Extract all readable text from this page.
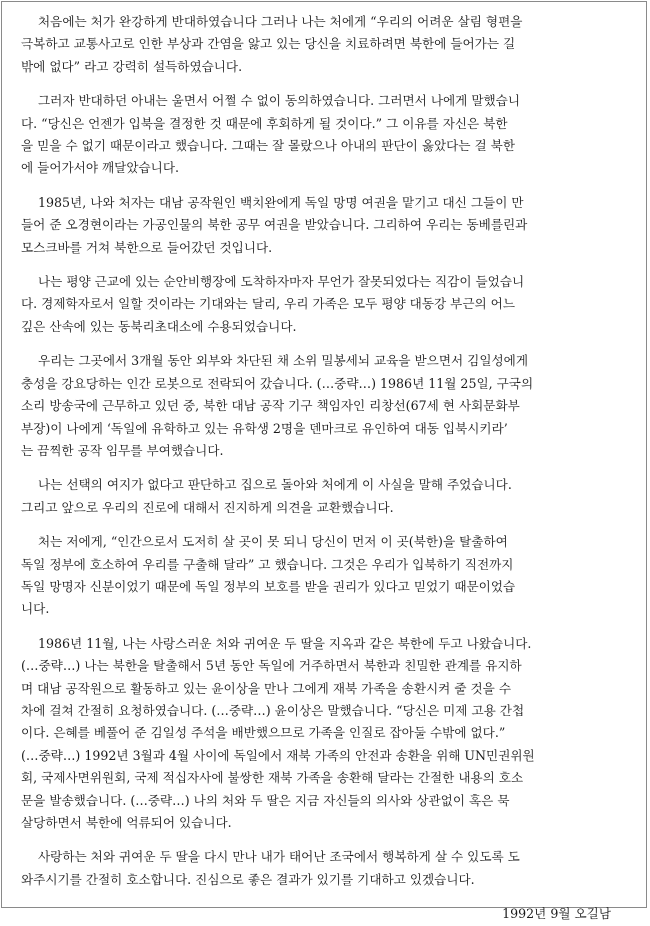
처음에는 처가 완강하게 반대하였습니다 그러나 나는 처에게 “우리의 어려운 살림 형편을
극복하고 교통사고로 인한 부상과 간염을 앓고 있는 당신을 치료하려면 북한에 들어가는 길
밖에 없다” 라고 강력히 설득하였습니다.
그러자 반대하던 아내는 울면서 어쩔 수 없이 동의하였습니다. 그러면서 나에게 말했습니
다. “당신은 언젠가 입북을 결정한 것 때문에 후회하게 될 것이다.” 그 이유를 자신은 북한
을 믿을 수 없기 때문이라고 했습니다. 그때는 잘 몰랐으나 아내의 판단이 옳았다는 걸 북한
에 들어가서야 깨달았습니다.
1985년, 나와 처자는 대남 공작원인 백치완에게 독일 망명 여권을 맡기고 대신 그들이 만
들어 준 오경현이라는 가공인물의 북한 공무 여권을 받았습니다. 그리하여 우리는 동베를린과
모스크바를 거쳐 북한으로 들어갔던 것입니다.
나는 평양 근교에 있는 순안비행장에 도착하자마자 무언가 잘못되었다는 직감이 들었습니
다. 경제학자로서 일할 것이라는 기대와는 달리, 우리 가족은 모두 평양 대동강 부근의 어느
깊은 산속에 있는 동북리초대소에 수용되었습니다.
우리는 그곳에서 3개월 동안 외부와 차단된 채 소위 밀봉세뇌 교육을 받으면서 김일성에게
충성을 강요당하는 인간 로봇으로 전락되어 갔습니다. (…중략…) 1986년 11월 25일, 구국의
소리 방송국에 근무하고 있던 중, 북한 대남 공작 기구 책임자인 리창선(67세 현 사회문화부
부장)이 나에게 ‘독일에 유학하고 있는 유학생 2명을 덴마크로 유인하여 대동 입북시키라’
는 끔찍한 공작 임무를 부여했습니다.
나는 선택의 여지가 없다고 판단하고 집으로 돌아와 처에게 이 사실을 말해 주었습니다.
그리고 앞으로 우리의 진로에 대해서 진지하게 의견을 교환했습니다.
처는 저에게, “인간으로서 도저히 살 곳이 못 되니 당신이 먼저 이 곳(북한)을 탈출하여
독일 정부에 호소하여 우리를 구출해 달라” 고 했습니다. 그것은 우리가 입북하기 직전까지
독일 망명자 신분이었기 때문에 독일 정부의 보호를 받을 권리가 있다고 믿었기 때문이었습
니다.
1986년 11월, 나는 사랑스러운 처와 귀여운 두 딸을 지옥과 같은 북한에 두고 나왔습니다.
(…중략…) 나는 북한을 탈출해서 5년 동안 독일에 거주하면서 북한과 친밀한 관계를 유지하
며 대남 공작원으로 활동하고 있는 윤이상을 만나 그에게 재북 가족을 송환시켜 줄 것을 수
차에 걸쳐 간절히 요청하였습니다. (…중략…) 윤이상은 말했습니다. “당신은 미제 고용 간첩
이다. 은혜를 베풀어 준 김일성 주석을 배반했으므로 가족을 인질로 잡아둘 수밖에 없다.”
(…중략…) 1992년 3월과 4월 사이에 독일에서 재북 가족의 안전과 송환을 위해 UN민권위원
회, 국제사면위원회, 국제 적십자사에 불쌍한 재북 가족을 송환해 달라는 간절한 내용의 호소
문을 발송했습니다. (…중략…) 나의 처와 두 딸은 지금 자신들의 의사와 상관없이 혹은 묵
살당하면서 북한에 억류되어 있습니다.
사랑하는 처와 귀여운 두 딸을 다시 만나 내가 태어난 조국에서 행복하게 살 수 있도록 도
와주시기를 간절히 호소합니다. 진심으로 좋은 결과가 있기를 기대하고 있겠습니다.
1992년 9월 오길남
